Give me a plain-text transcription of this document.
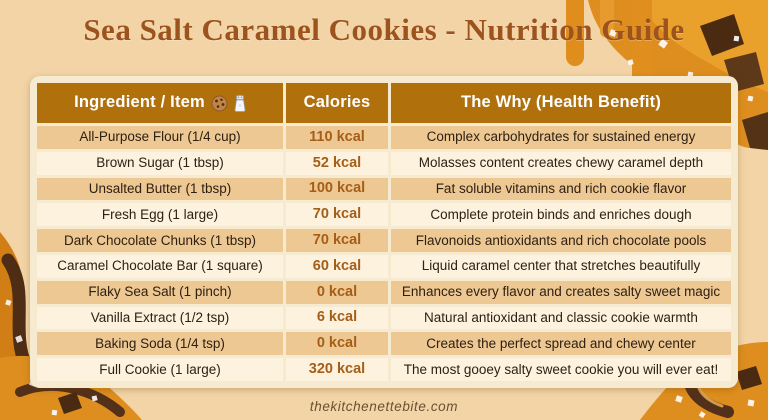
Sea Salt Caramel Cookies - Nutrition Guide
Ingredient / Item	Calories	The Why (Health Benefit)
All-Purpose Flour (1/4 cup)	110 kcal	Complex carbohydrates for sustained energy
Brown Sugar (1 tbsp)	52 kcal	Molasses content creates chewy caramel depth
Unsalted Butter (1 tbsp)	100 kcal	Fat soluble vitamins and rich cookie flavor
Fresh Egg (1 large)	70 kcal	Complete protein binds and enriches dough
Dark Chocolate Chunks (1 tbsp)	70 kcal	Flavonoids antioxidants and rich chocolate pools
Caramel Chocolate Bar (1 square)	60 kcal	Liquid caramel center that stretches beautifully
Flaky Sea Salt (1 pinch)	0 kcal	Enhances every flavor and creates salty sweet magic
Vanilla Extract (1/2 tsp)	6 kcal	Natural antioxidant and classic cookie warmth
Baking Soda (1/4 tsp)	0 kcal	Creates the perfect spread and chewy center
Full Cookie (1 large)	320 kcal	The most gooey salty sweet cookie you will ever eat!
thekitchenettebite.com
